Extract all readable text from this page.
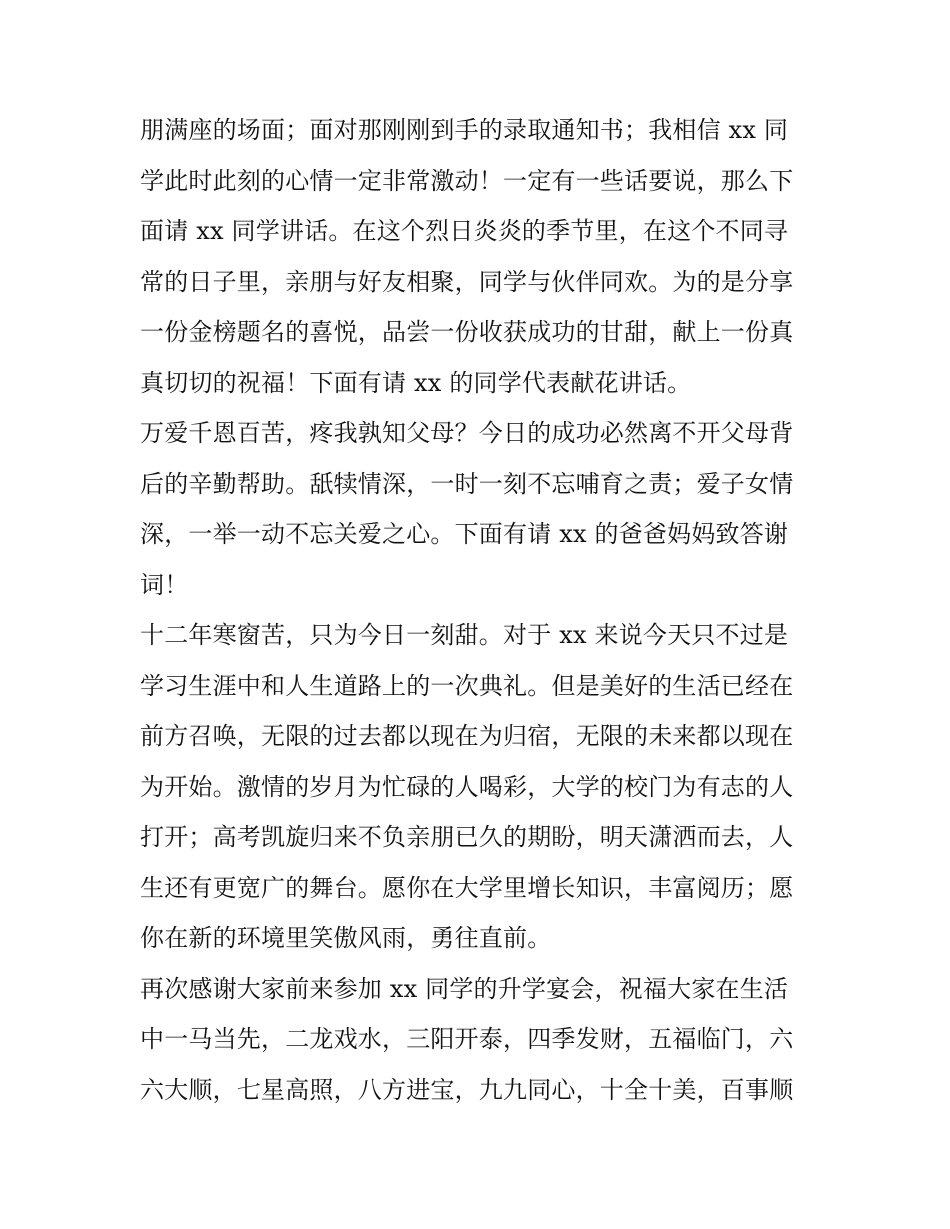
朋满座的场面；面对那刚刚到手的录取通知书；我相信 xx 同
学此时此刻的心情一定非常激动！一定有一些话要说，那么下
面请 xx 同学讲话。在这个烈日炎炎的季节里，在这个不同寻
常的日子里，亲朋与好友相聚，同学与伙伴同欢。为的是分享
一份金榜题名的喜悦，品尝一份收获成功的甘甜，献上一份真
真切切的祝福！下面有请 xx 的同学代表献花讲话。
万爱千恩百苦，疼我孰知父母？今日的成功必然离不开父母背
后的辛勤帮助。舐犊情深，一时一刻不忘哺育之责；爱子女情
深，一举一动不忘关爱之心。下面有请 xx 的爸爸妈妈致答谢
词！
十二年寒窗苦，只为今日一刻甜。对于 xx 来说今天只不过是
学习生涯中和人生道路上的一次典礼。但是美好的生活已经在
前方召唤，无限的过去都以现在为归宿，无限的未来都以现在
为开始。激情的岁月为忙碌的人喝彩，大学的校门为有志的人
打开；高考凯旋归来不负亲朋已久的期盼，明天潇洒而去，人
生还有更宽广的舞台。愿你在大学里增长知识，丰富阅历；愿
你在新的环境里笑傲风雨，勇往直前。
再次感谢大家前来参加 xx 同学的升学宴会，祝福大家在生活
中一马当先，二龙戏水，三阳开泰，四季发财，五福临门，六
六大顺，七星高照，八方进宝，九九同心，十全十美，百事顺
